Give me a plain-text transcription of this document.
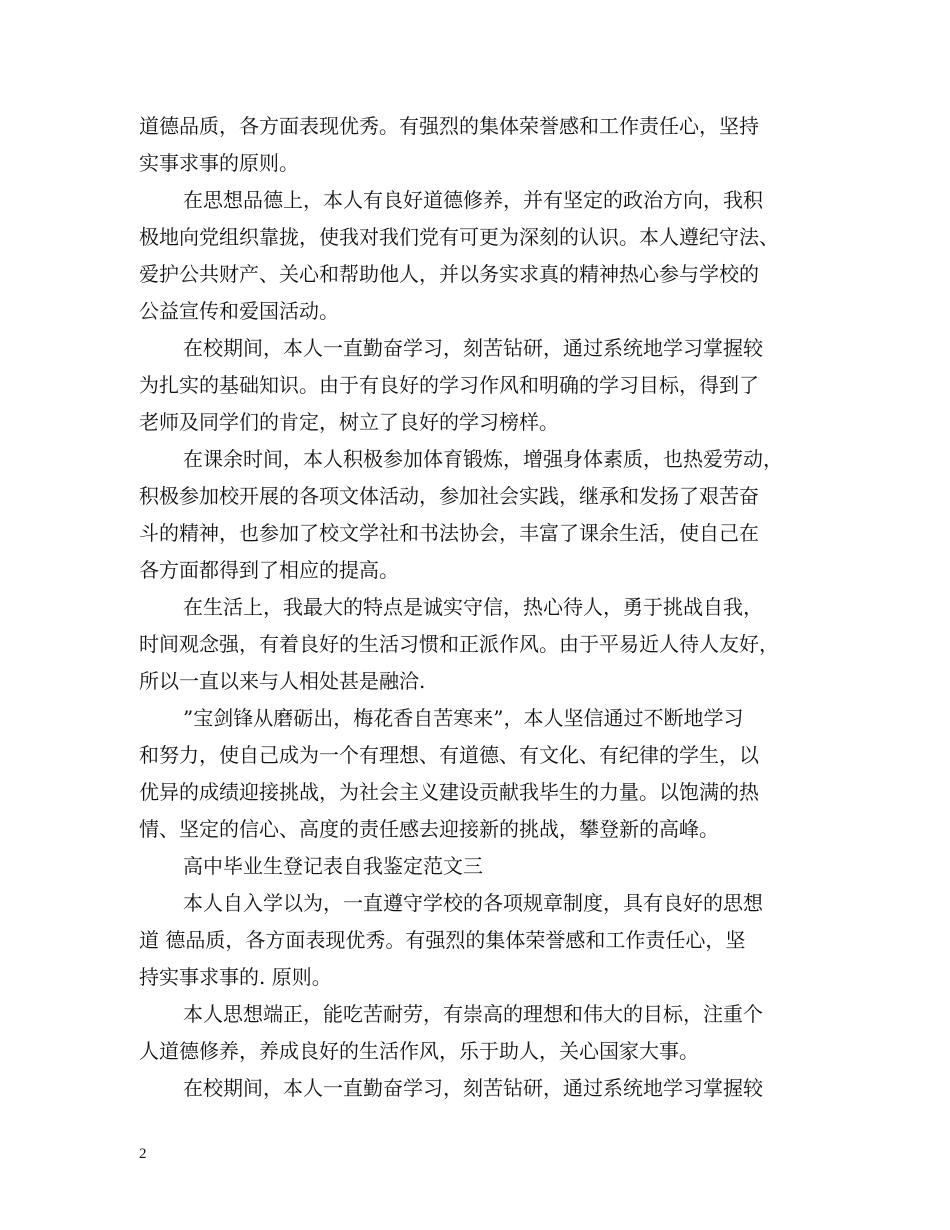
道德品质，各方面表现优秀。有强烈的集体荣誉感和工作责任心，坚持
实事求事的原则。
在思想品德上，本人有良好道德修养，并有坚定的政治方向，我积
极地向党组织靠拢，使我对我们党有可更为深刻的认识。本人遵纪守法、
爱护公共财产、关心和帮助他人，并以务实求真的精神热心参与学校的
公益宣传和爱国活动。
在校期间，本人一直勤奋学习，刻苦钻研，通过系统地学习掌握较
为扎实的基础知识。由于有良好的学习作风和明确的学习目标，得到了
老师及同学们的肯定，树立了良好的学习榜样。
在课余时间，本人积极参加体育锻炼，增强身体素质，也热爱劳动，
积极参加校开展的各项文体活动，参加社会实践，继承和发扬了艰苦奋
斗的精神，也参加了校文学社和书法协会，丰富了课余生活，使自己在
各方面都得到了相应的提高。
在生活上，我最大的特点是诚实守信，热心待人，勇于挑战自我，
时间观念强，有着良好的生活习惯和正派作风。由于平易近人待人友好，
所以一直以来与人相处甚是融洽.
”宝剑锋从磨砺出，梅花香自苦寒来”，本人坚信通过不断地学习
和努力，使自己成为一个有理想、有道德、有文化、有纪律的学生，以
优异的成绩迎接挑战，为社会主义建设贡献我毕生的力量。以饱满的热
情、坚定的信心、高度的责任感去迎接新的挑战，攀登新的高峰。
高中毕业生登记表自我鉴定范文三
本人自入学以为，一直遵守学校的各项规章制度，具有良好的思想
道 德品质，各方面表现优秀。有强烈的集体荣誉感和工作责任心，坚
持实事求事的. 原则。
本人思想端正，能吃苦耐劳，有崇高的理想和伟大的目标，注重个
人道德修养，养成良好的生活作风，乐于助人，关心国家大事。
在校期间，本人一直勤奋学习，刻苦钻研，通过系统地学习掌握较
2
